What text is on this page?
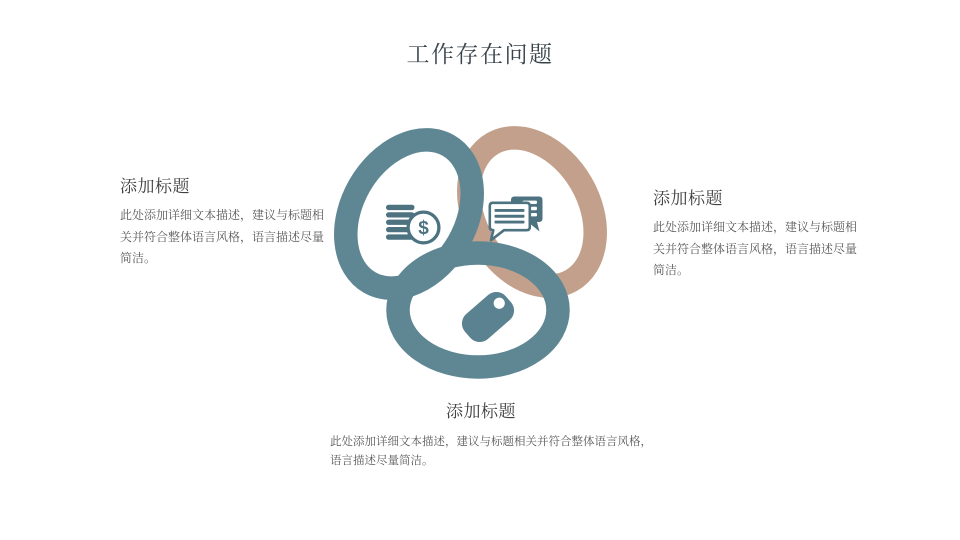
工作存在问题
$
添加标题
此处添加详细文本描述，建议与标题相
关并符合整体语言风格，语言描述尽量
简洁。
添加标题
此处添加详细文本描述，建议与标题相
关并符合整体语言风格，语言描述尽量
简洁。
添加标题
此处添加详细文本描述，建议与标题相关并符合整体语言风格，
语言描述尽量简洁。
